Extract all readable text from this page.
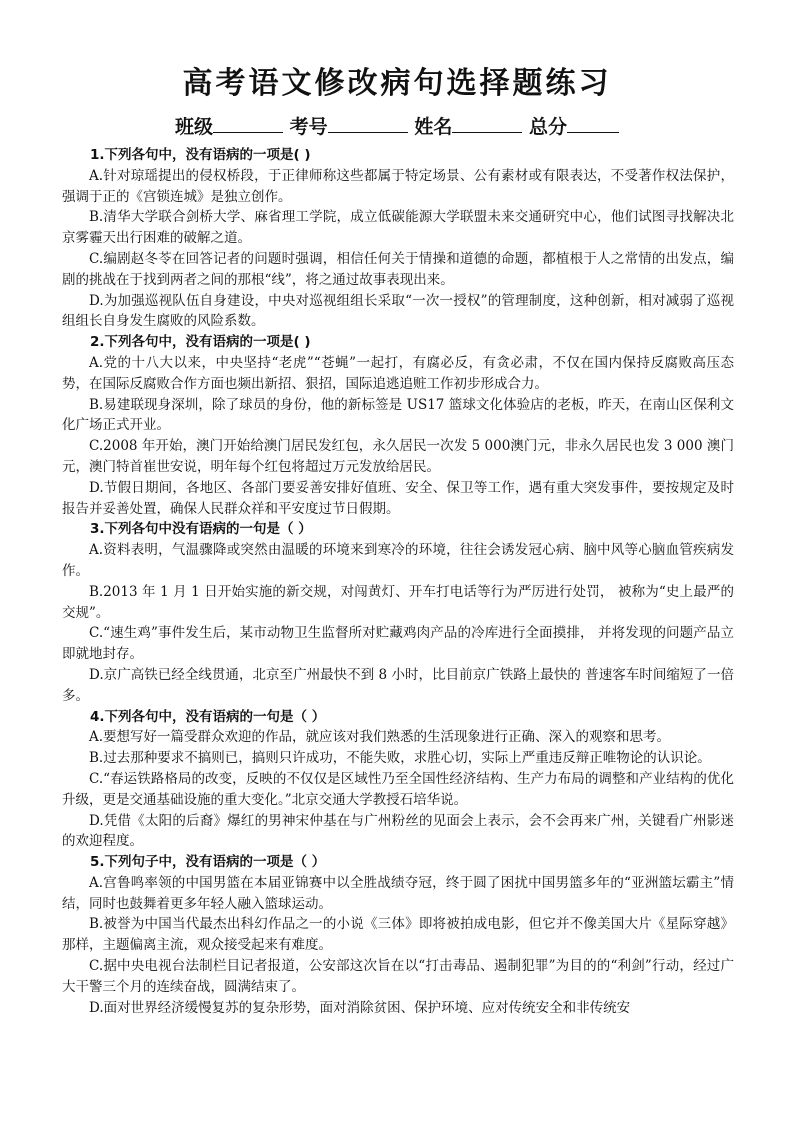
高考语文修改病句选择题练习
班级	考号	姓名	总分
1.下列各句中，没有语病的一项是( )

A.针对琼瑶提出的侵权桥段，于正律师称这些都属于特定场景、公有素材或有限表达，不受著作权法保护，强调于正的《宫锁连城》是独立创作。

B.清华大学联合剑桥大学、麻省理工学院，成立低碳能源大学联盟未来交通研究中心，他们试图寻找解决北京雾霾天出行困难的破解之道。

C.编剧赵冬苓在回答记者的问题时强调，相信任何关于情操和道德的命题，都植根于人之常情的出发点，编剧的挑战在于找到两者之间的那根“线”，将之通过故事表现出来。

D.为加强巡视队伍自身建设，中央对巡视组组长采取“一次一授权”的管理制度，这种创新，相对减弱了巡视组组长自身发生腐败的风险系数。

2.下列各句中，没有语病的一项是( )

A.党的十八大以来，中央坚持“老虎”“苍蝇”一起打，有腐必反，有贪必肃，不仅在国内保持反腐败高压态势，在国际反腐败合作方面也频出新招、狠招，国际追逃追赃工作初步形成合力。

B.易建联现身深圳，除了球员的身份，他的新标签是 US17 篮球文化体验店的老板，昨天，在南山区保利文化广场正式开业。

C.2008 年开始，澳门开始给澳门居民发红包，永久居民一次发 5 000澳门元，非永久居民也发 3 000 澳门元，澳门特首崔世安说，明年每个红包将超过万元发放给居民。

D.节假日期间，各地区、各部门要妥善安排好值班、安全、保卫等工作，遇有重大突发事件，要按规定及时报告并妥善处置，确保人民群众祥和平安度过节日假期。

3.下列各句中没有语病的一句是（ ）

A.资料表明，气温骤降或突然由温暖的环境来到寒冷的环境，往往会诱发冠心病、脑中风等心脑血管疾病发作。

B.2013 年 1 月 1 日开始实施的新交规，对闯黄灯、开车打电话等行为严厉进行处罚， 被称为“史上最严的交规”。

C.“速生鸡”事件发生后，某市动物卫生监督所对贮藏鸡肉产品的冷库进行全面摸排， 并将发现的问题产品立即就地封存。

D.京广高铁已经全线贯通，北京至广州最快不到 8 小时，比目前京广铁路上最快的 普速客车时间缩短了一倍多。

4.下列各句中，没有语病的一句是（ ）

A.要想写好一篇受群众欢迎的作品，就应该对我们熟悉的生活现象进行正确、深入的观察和思考。

B.过去那种要求不搞则已，搞则只许成功，不能失败，求胜心切，实际上严重违反辩正唯物论的认识论。

C.“春运铁路格局的改变，反映的不仅仅是区域性乃至全国性经济结构、生产力布局的调整和产业结构的优化升级，更是交通基础设施的重大变化。”北京交通大学教授石培华说。

D.凭借《太阳的后裔》爆红的男神宋仲基在与广州粉丝的见面会上表示，会不会再来广州，关键看广州影迷的欢迎程度。

5.下列句子中，没有语病的一项是（ ）

A.宫鲁鸣率领的中国男篮在本届亚锦赛中以全胜战绩夺冠，终于圆了困扰中国男篮多年的“亚洲篮坛霸主”情结，同时也鼓舞着更多年轻人融入篮球运动。

B.被誉为中国当代最杰出科幻作品之一的小说《三体》即将被拍成电影，但它并不像美国大片《星际穿越》那样，主题偏离主流，观众接受起来有难度。

C.据中央电视台法制栏目记者报道，公安部这次旨在以“打击毒品、遏制犯罪”为目的的“利剑”行动，经过广大干警三个月的连续奋战，圆满结束了。

D.面对世界经济缓慢复苏的复杂形势，面对消除贫困、保护环境、应对传统安全和非传统安
